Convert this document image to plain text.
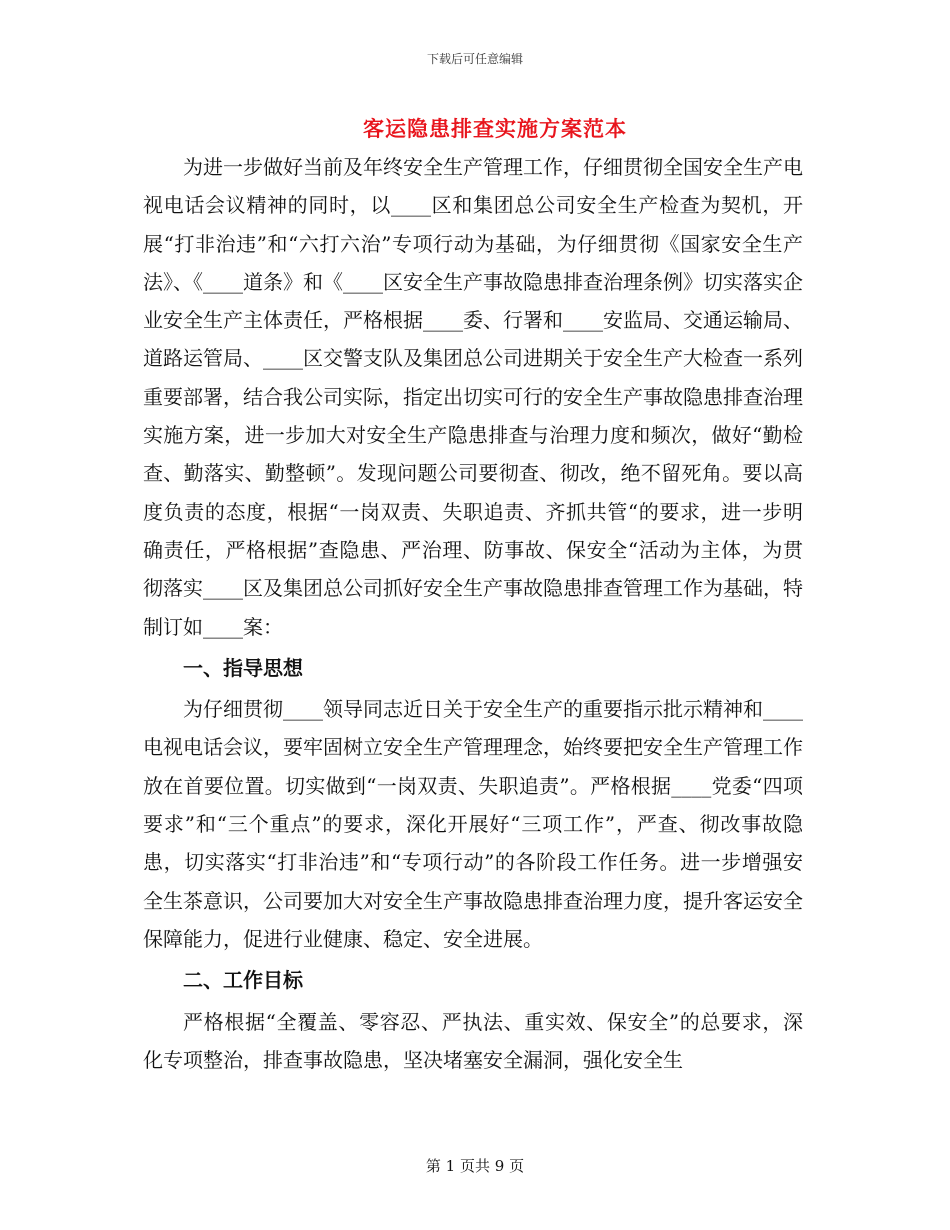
下载后可任意编辑
客运隐患排查实施方案范本

为进一步做好当前及年终安全生产管理工作，仔细贯彻全国安全生产电视电话会议精神的同时，以____区和集团总公司安全生产检查为契机，开展“打非治违”和“六打六治”专项行动为基础，为仔细贯彻《国家安全生产法》、《____道条》和《____区安全生产事故隐患排查治理条例》切实落实企业安全生产主体责任，严格根据____委、行署和____安监局、交通运输局、道路运管局、____区交警支队及集团总公司进期关于安全生产大检查一系列重要部署，结合我公司实际，指定出切实可行的安全生产事故隐患排查治理实施方案，进一步加大对安全生产隐患排查与治理力度和频次，做好“勤检查、勤落实、勤整顿”。发现问题公司要彻查、彻改，绝不留死角。要以高度负责的态度，根据“一岗双责、失职追责、齐抓共管“的要求，进一步明确责任，严格根据”查隐患、严治理、防事故、保安全“活动为主体，为贯彻落实____区及集团总公司抓好安全生产事故隐患排查管理工作为基础，特制订如____案：

一、指导思想

为仔细贯彻____领导同志近日关于安全生产的重要指示批示精神和____电视电话会议，要牢固树立安全生产管理理念，始终要把安全生产管理工作放在首要位置。切实做到“一岗双责、失职追责”。严格根据____党委“四项要求”和“三个重点”的要求，深化开展好“三项工作”，严查、彻改事故隐患，切实落实“打非治违”和“专项行动”的各阶段工作任务。进一步增强安全生茶意识，公司要加大对安全生产事故隐患排查治理力度，提升客运安全保障能力，促进行业健康、稳定、安全进展。

二、工作目标

严格根据“全覆盖、零容忍、严执法、重实效、保安全”的总要求，深化专项整治，排查事故隐患，坚决堵塞安全漏洞，强化安全生

第 1 页共 9 页
